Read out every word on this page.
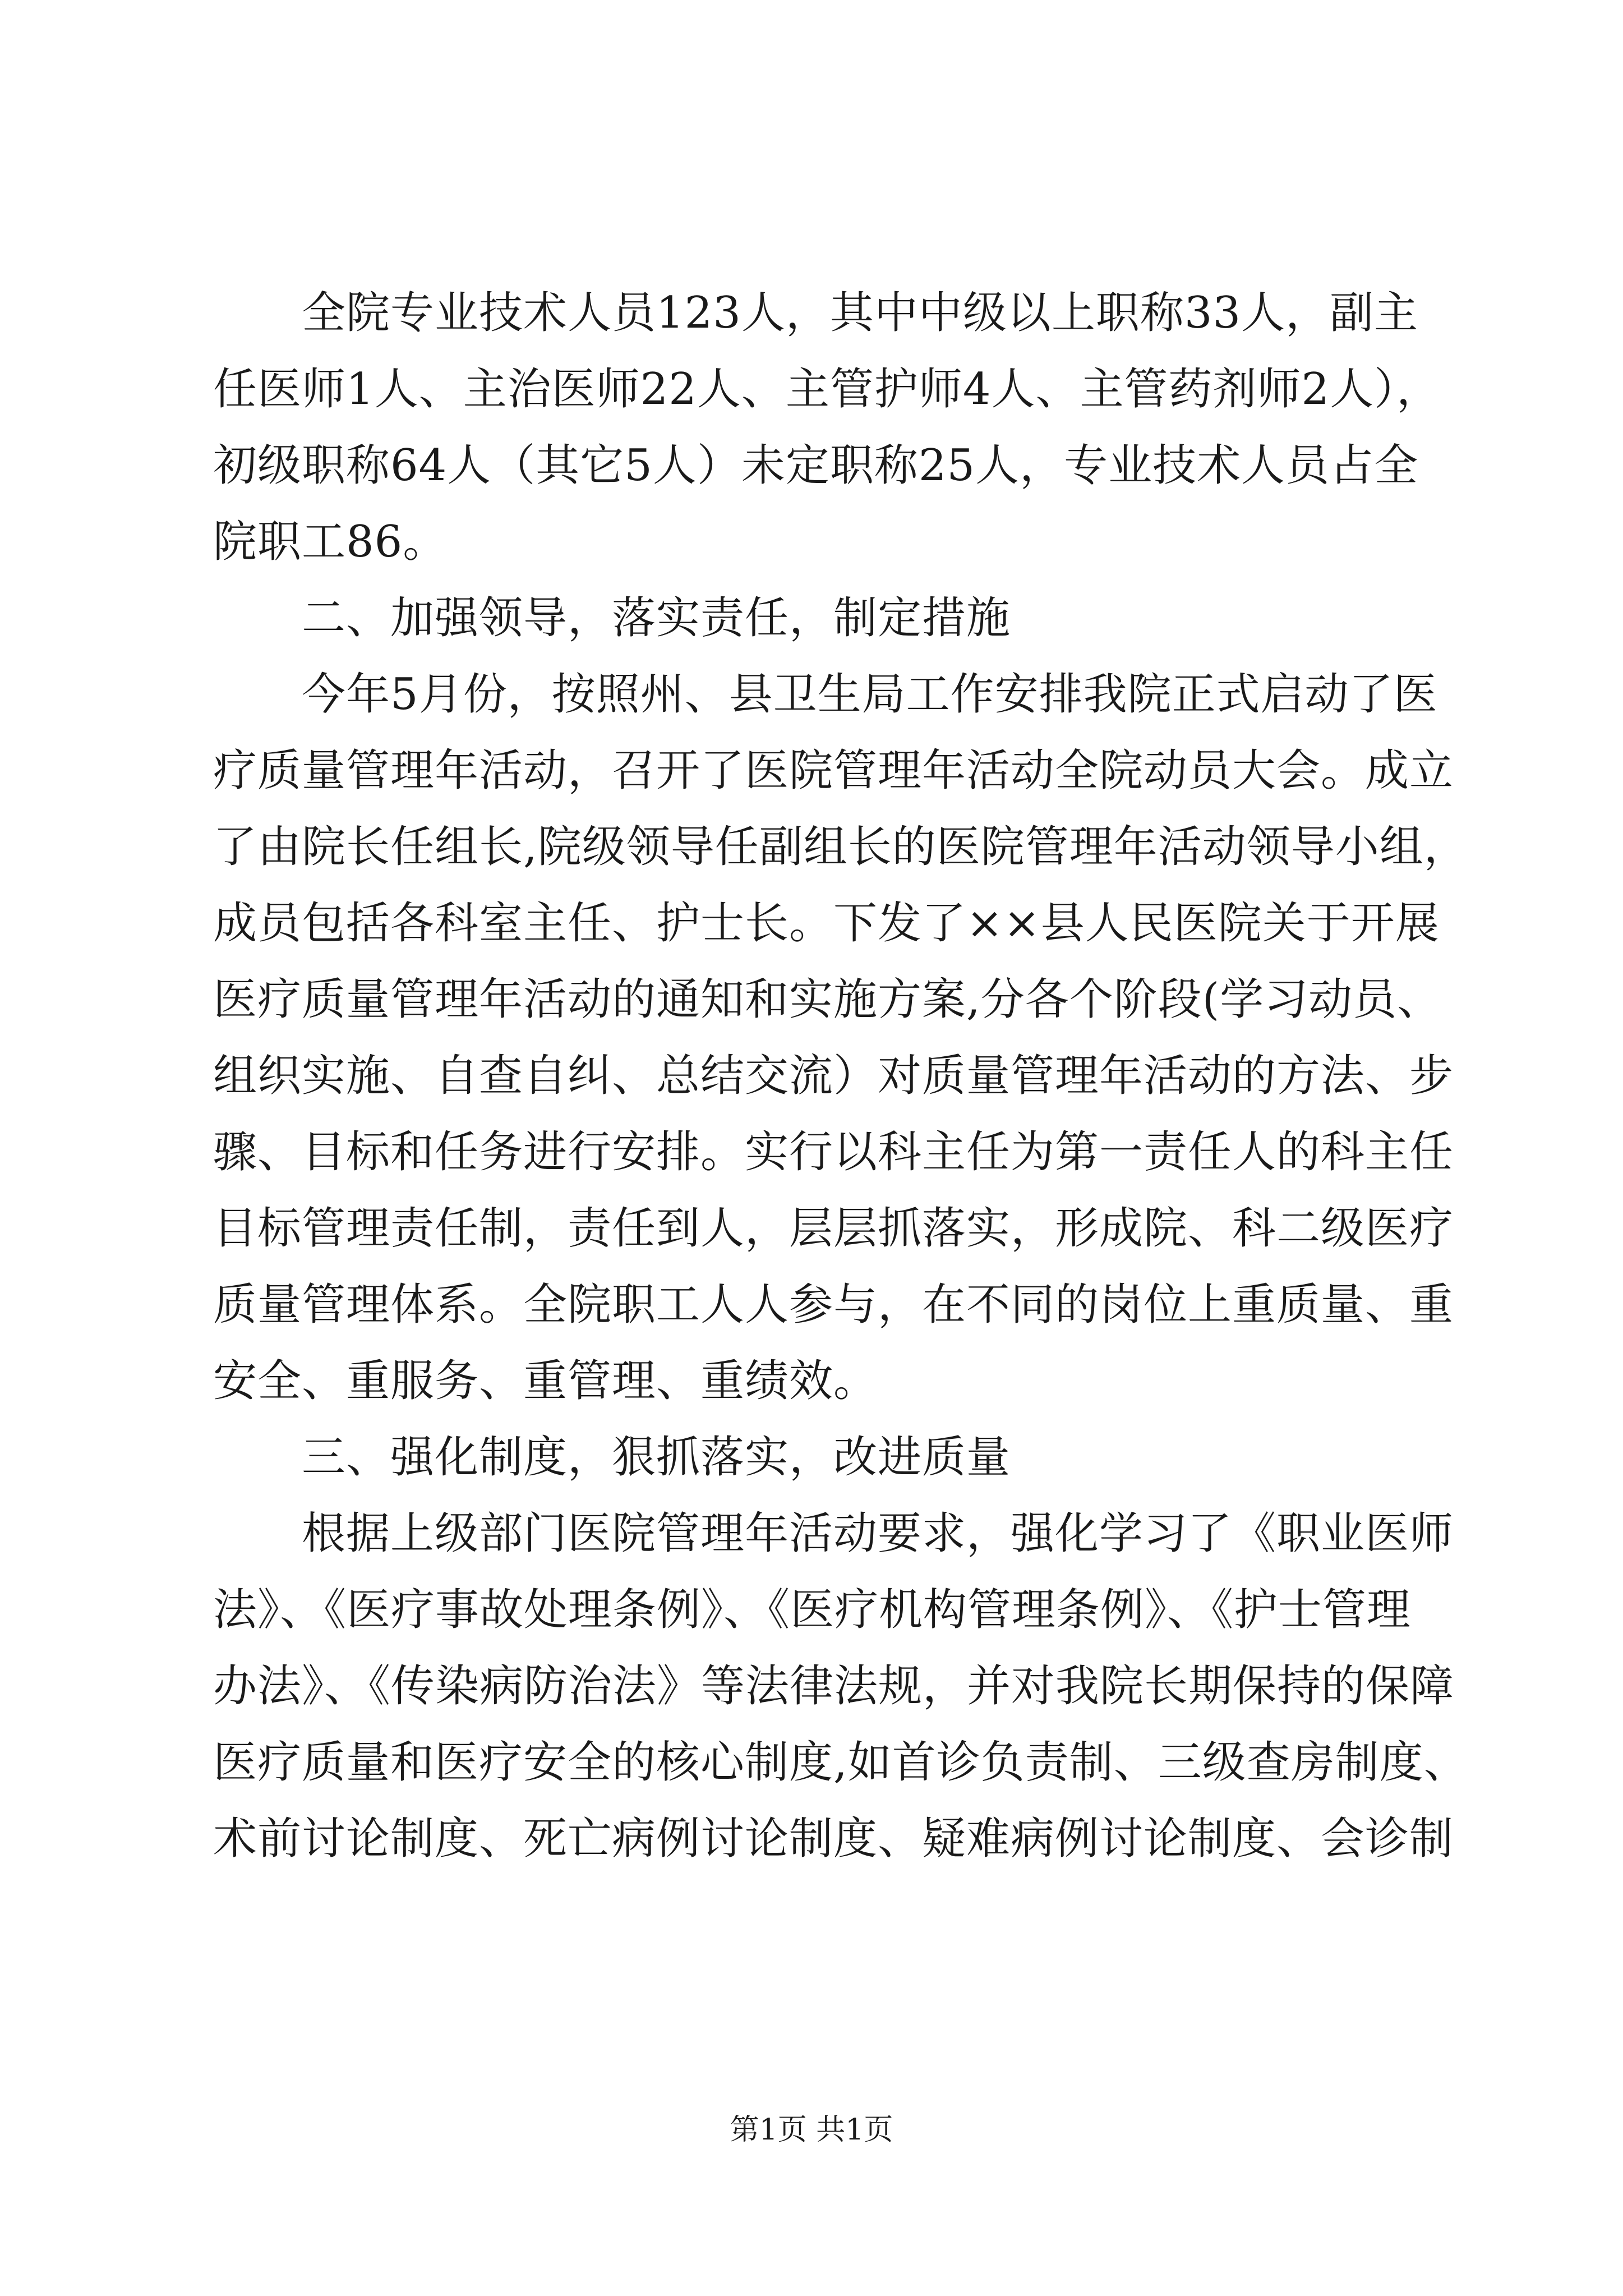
　　全院专业技术人员123人，其中中级以上职称33人，副主
任医师1人、主治医师22人、主管护师4人、主管药剂师2人），
初级职称64人（其它5人）未定职称25人，专业技术人员占全
院职工86。
　　二、加强领导，落实责任，制定措施
　　今年5月份，按照州、县卫生局工作安排我院正式启动了医
疗质量管理年活动，召开了医院管理年活动全院动员大会。成立
了由院长任组长,院级领导任副组长的医院管理年活动领导小组，
成员包括各科室主任、护士长。下发了××县人民医院关于开展
医疗质量管理年活动的通知和实施方案,分各个阶段(学习动员、
组织实施、自查自纠、总结交流）对质量管理年活动的方法、步
骤、目标和任务进行安排。实行以科主任为第一责任人的科主任
目标管理责任制，责任到人，层层抓落实，形成院、科二级医疗
质量管理体系。全院职工人人参与，在不同的岗位上重质量、重
安全、重服务、重管理、重绩效。
　　三、强化制度，狠抓落实，改进质量
　　根据上级部门医院管理年活动要求，强化学习了《职业医师
法》、《医疗事故处理条例》、《医疗机构管理条例》、《护士管理
办法》、《传染病防治法》等法律法规，并对我院长期保持的保障
医疗质量和医疗安全的核心制度,如首诊负责制、三级查房制度、
术前讨论制度、死亡病例讨论制度、疑难病例讨论制度、会诊制
第1页 共1页
